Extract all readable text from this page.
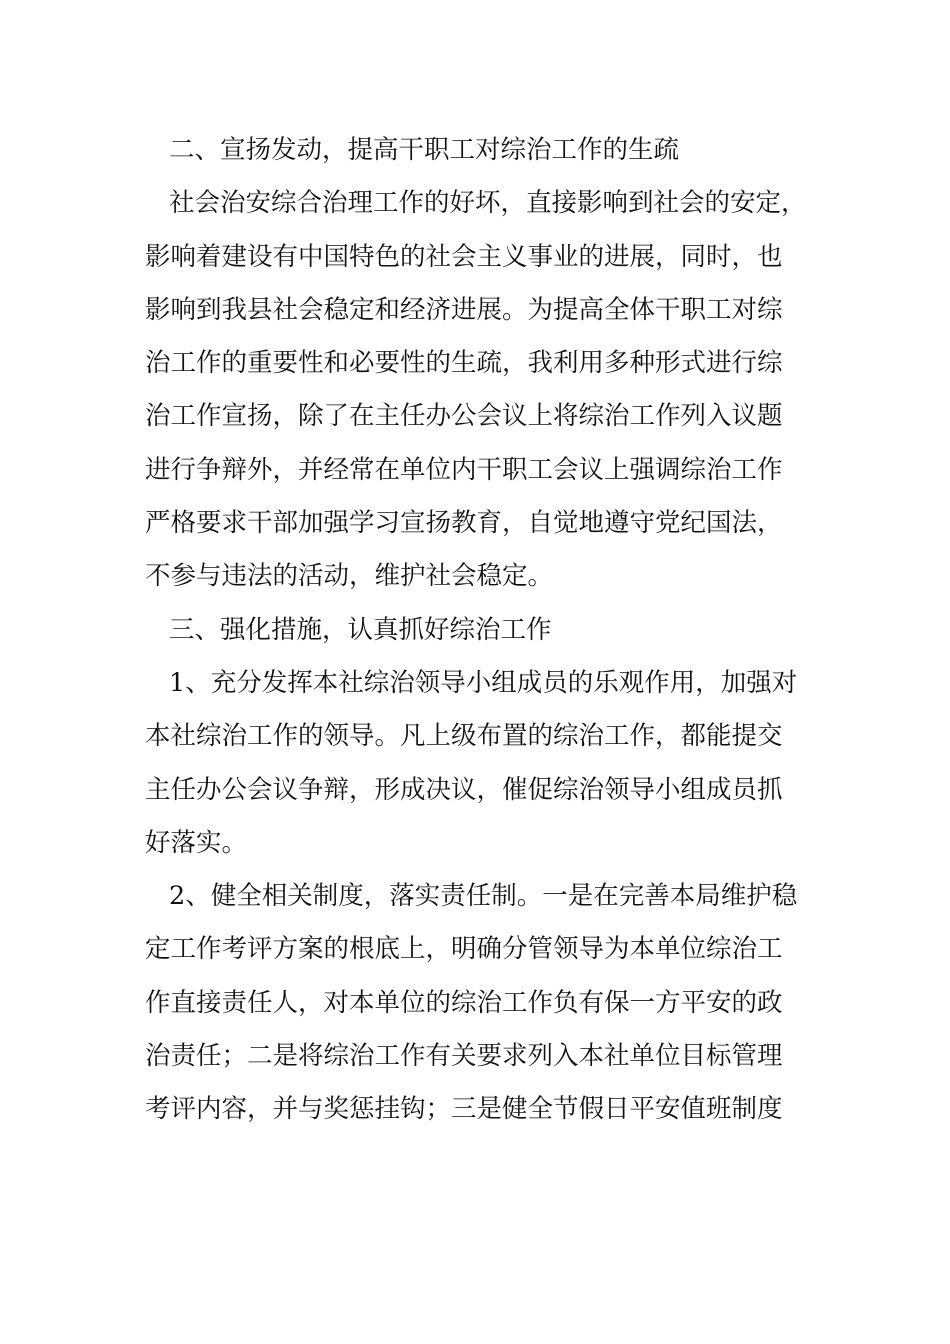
二、宣扬发动，提高干职工对综治工作的生疏
社会治安综合治理工作的好坏，直接影响到社会的安定，
影响着建设有中国特色的社会主义事业的进展，同时，也
影响到我县社会稳定和经济进展。为提高全体干职工对综
治工作的重要性和必要性的生疏，我利用多种形式进行综
治工作宣扬，除了在主任办公会议上将综治工作列入议题
进行争辩外，并经常在单位内干职工会议上强调综治工作
严格要求干部加强学习宣扬教育，自觉地遵守党纪国法，
不参与违法的活动，维护社会稳定。
三、强化措施，认真抓好综治工作
1、充分发挥本社综治领导小组成员的乐观作用，加强对
本社综治工作的领导。凡上级布置的综治工作，都能提交
主任办公会议争辩，形成决议，催促综治领导小组成员抓
好落实。
2、健全相关制度，落实责任制。一是在完善本局维护稳
定工作考评方案的根底上，明确分管领导为本单位综治工
作直接责任人，对本单位的综治工作负有保一方平安的政
治责任；二是将综治工作有关要求列入本社单位目标管理
考评内容，并与奖惩挂钩；三是健全节假日平安值班制度
